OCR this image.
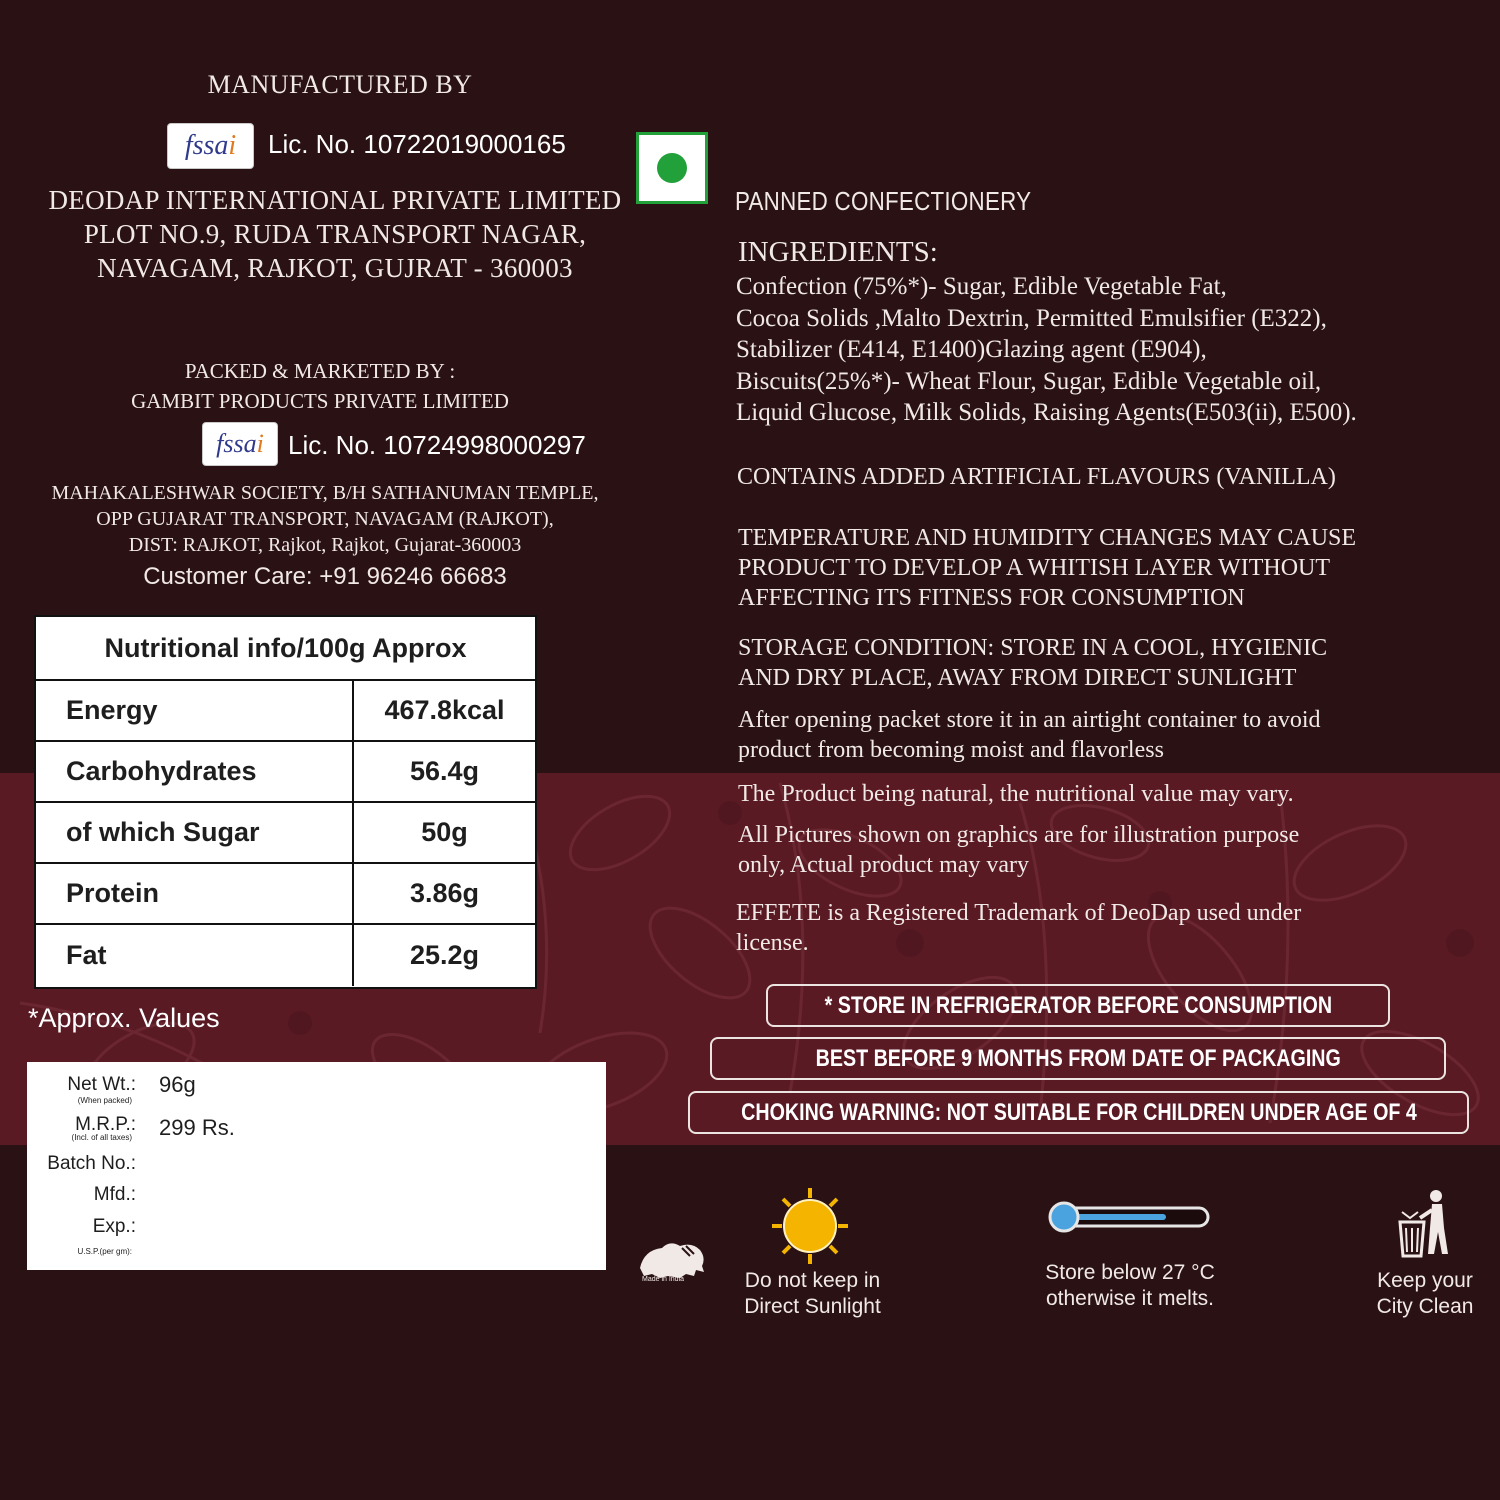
MANUFACTURED BY
fssa i Lic. No. 10722019000165
DEODAP INTERNATIONAL PRIVATE LIMITED
PLOT NO.9, RUDA TRANSPORT NAGAR,
NAVAGAM, RAJKOT, GUJRAT - 360003
PACKED & MARKETED BY :
GAMBIT PRODUCTS PRIVATE LIMITED
fssa i Lic. No. 10724998000297
MAHAKALESHWAR SOCIETY, B/H SATHANUMAN TEMPLE,
OPP GUJARAT TRANSPORT, NAVAGAM (RAJKOT),
DIST: RAJKOT, Rajkot, Rajkot, Gujarat-360003
Customer Care: +91 96246 66683
Nutritional info/100g Approx
Energy	467.8kcal
Carbohydrates	56.4g
of which Sugar	50g
Protein	3.86g
Fat	25.2g
*Approx. Values
Net Wt.:
(When packed)
96g
M.R.P.:
(Incl. of all taxes) 299 Rs.
Batch No.:
Mfd.:
Exp.:
U.S.P.(per gm):
PANNED CONFECTIONERY
INGREDIENTS:
Confection (75%*)- Sugar, Edible Vegetable Fat,
Cocoa Solids ,Malto Dextrin, Permitted Emulsifier (E322),
Stabilizer (E414, E1400)Glazing agent (E904),
Biscuits(25%*)- Wheat Flour, Sugar, Edible Vegetable oil,
Liquid Glucose, Milk Solids, Raising Agents(E503(ii), E500).
CONTAINS ADDED ARTIFICIAL FLAVOURS (VANILLA)
TEMPERATURE AND HUMIDITY CHANGES MAY CAUSE
PRODUCT TO DEVELOP A WHITISH LAYER WITHOUT
AFFECTING ITS FITNESS FOR CONSUMPTION
STORAGE CONDITION: STORE IN A COOL, HYGIENIC
AND DRY PLACE, AWAY FROM DIRECT SUNLIGHT
After opening packet store it in an airtight container to avoid
product from becoming moist and flavorless
The Product being natural, the nutritional value may vary.
All Pictures shown on graphics are for illustration purpose
only, Actual product may vary
EFFETE is a Registered Trademark of DeoDap used under
license.
* STORE IN REFRIGERATOR BEFORE CONSUMPTION
BEST BEFORE 9 MONTHS FROM DATE OF PACKAGING
CHOKING WARNING: NOT SUITABLE FOR CHILDREN UNDER AGE OF 4
Made in India	Do not keep in
Direct Sunlight
Store below 27 °C
otherwise it melts.
Keep your
City Clean
